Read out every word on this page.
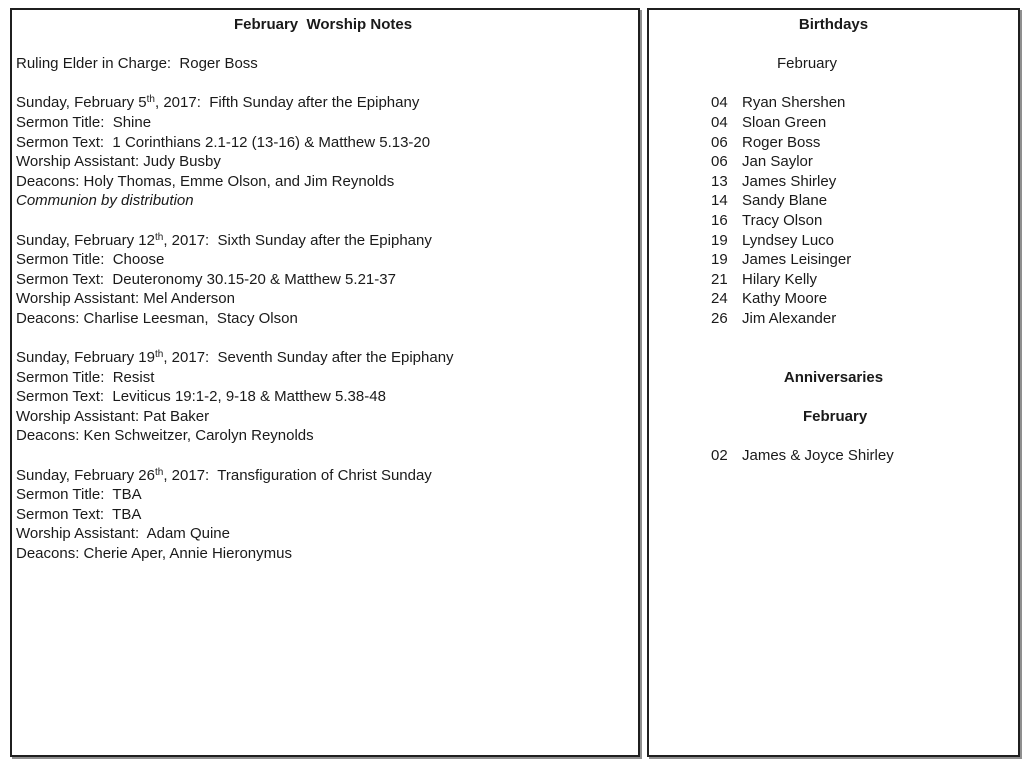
February  Worship Notes
Ruling Elder in Charge:  Roger Boss
Sunday, February 5th, 2017:  Fifth Sunday after the Epiphany
Sermon Title:  Shine
Sermon Text:  1 Corinthians 2.1-12 (13-16) & Matthew 5.13-20
Worship Assistant: Judy Busby
Deacons: Holy Thomas, Emme Olson, and Jim Reynolds
Communion by distribution
Sunday, February 12th, 2017:  Sixth Sunday after the Epiphany
Sermon Title:  Choose
Sermon Text:  Deuteronomy 30.15-20 & Matthew 5.21-37
Worship Assistant: Mel Anderson
Deacons: Charlise Leesman,  Stacy Olson
Sunday, February 19th, 2017:  Seventh Sunday after the Epiphany
Sermon Title:  Resist
Sermon Text:  Leviticus 19:1-2, 9-18 & Matthew 5.38-48
Worship Assistant: Pat Baker
Deacons: Ken Schweitzer, Carolyn Reynolds
Sunday, February 26th, 2017:  Transfiguration of Christ Sunday
Sermon Title:  TBA
Sermon Text:  TBA
Worship Assistant:  Adam Quine
Deacons: Cherie Aper, Annie Hieronymus
Birthdays
February
04 Ryan Shershen
04 Sloan Green
06 Roger Boss
06 Jan Saylor
13 James Shirley
14 Sandy Blane
16 Tracy Olson
19 Lyndsey Luco
19 James Leisinger
21 Hilary Kelly
24 Kathy Moore
26 Jim Alexander
Anniversaries
February
02 James & Joyce Shirley
